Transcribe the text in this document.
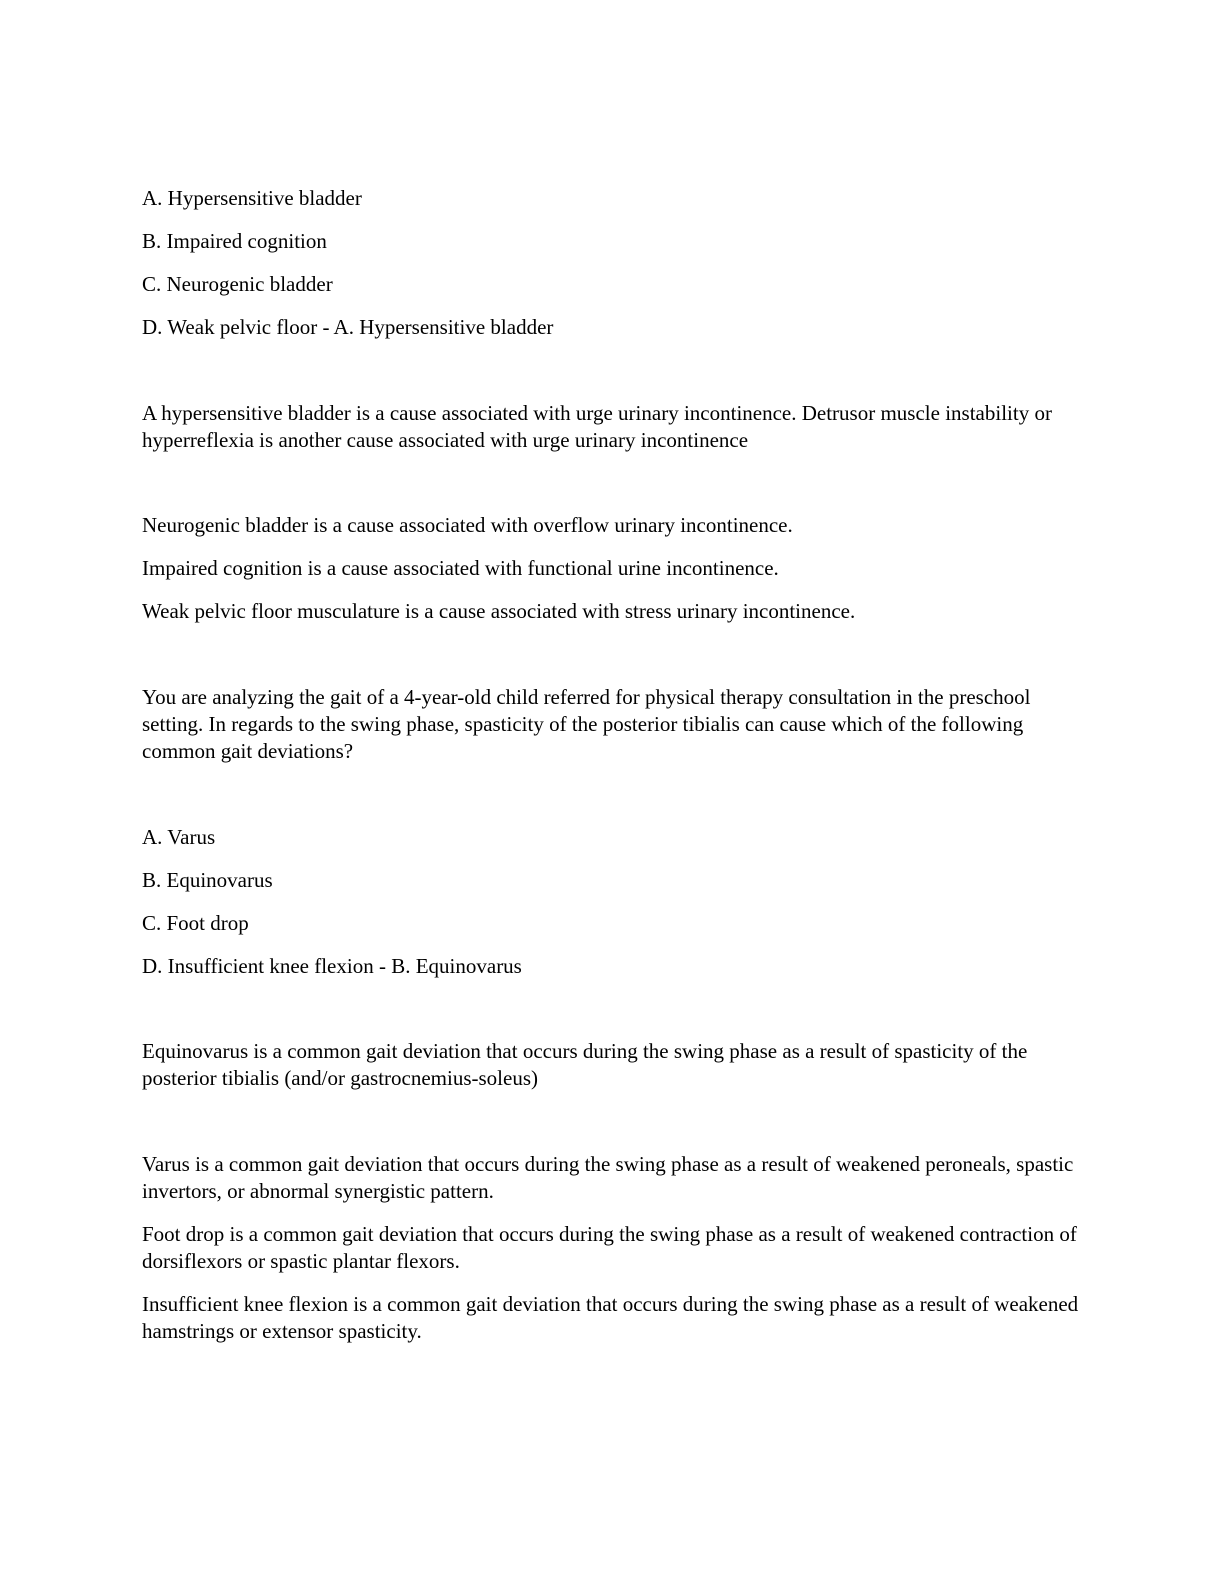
A. Hypersensitive bladder
B. Impaired cognition
C. Neurogenic bladder
D. Weak pelvic floor - A. Hypersensitive bladder
A hypersensitive bladder is a cause associated with urge urinary incontinence. Detrusor muscle instability or hyperreflexia is another cause associated with urge urinary incontinence
Neurogenic bladder is a cause associated with overflow urinary incontinence.
Impaired cognition is a cause associated with functional urine incontinence.
Weak pelvic floor musculature is a cause associated with stress urinary incontinence.
You are analyzing the gait of a 4-year-old child referred for physical therapy consultation in the preschool setting. In regards to the swing phase, spasticity of the posterior tibialis can cause which of the following common gait deviations?
A. Varus
B. Equinovarus
C. Foot drop
D. Insufficient knee flexion - B. Equinovarus
Equinovarus is a common gait deviation that occurs during the swing phase as a result of spasticity of the posterior tibialis (and/or gastrocnemius-soleus)
Varus is a common gait deviation that occurs during the swing phase as a result of weakened peroneals, spastic invertors, or abnormal synergistic pattern.
Foot drop is a common gait deviation that occurs during the swing phase as a result of weakened contraction of dorsiflexors or spastic plantar flexors.
Insufficient knee flexion is a common gait deviation that occurs during the swing phase as a result of weakened hamstrings or extensor spasticity.
